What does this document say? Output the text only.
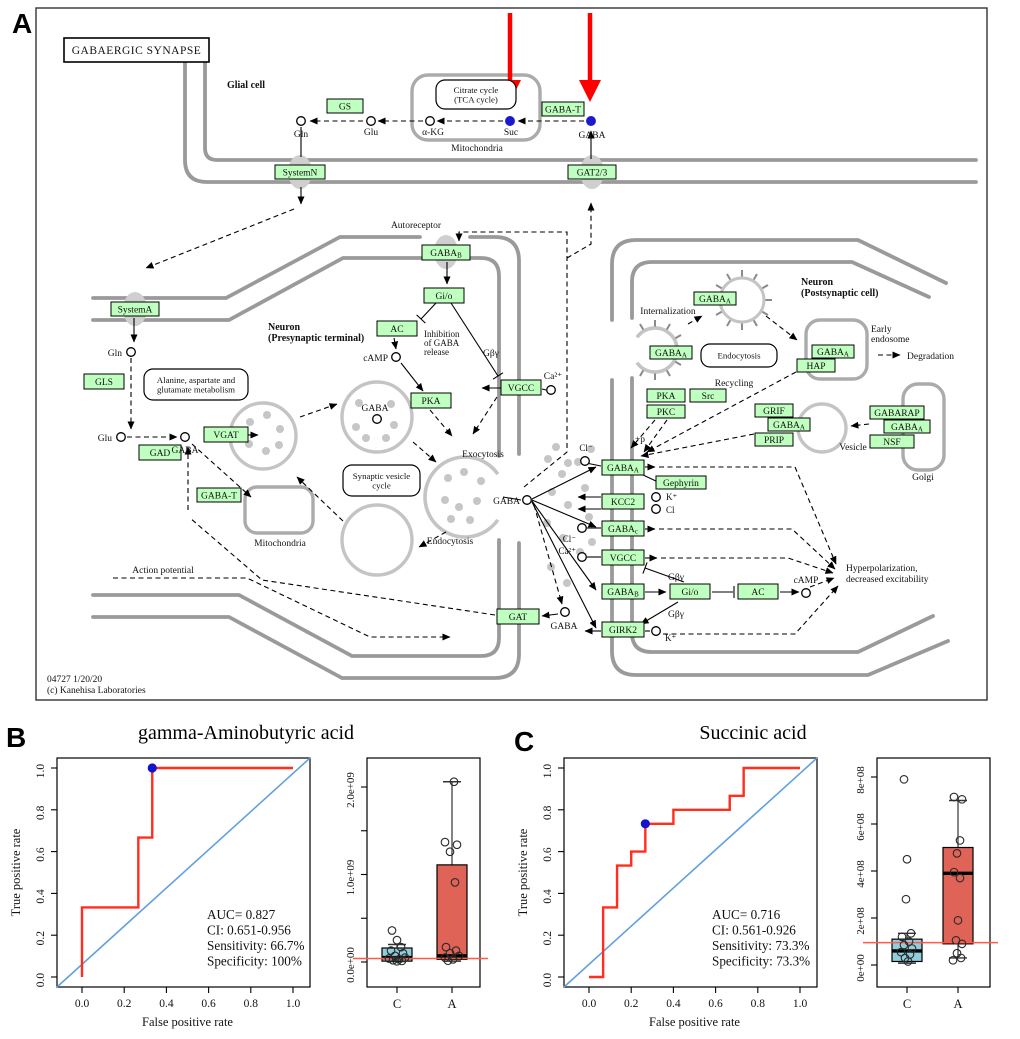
Citrate cycle
(TCA cycle)
Alanine, aspartate and
glutamate metabolism
Synaptic vesicle
cycle
Endocytosis
GS	GABA-T
SystemN	GAT2/3
SystemA
GLS
GAD
VGAT
GABAB
Gi/o
AC
PKA
VGCC
GABA-T
GAT
GABAA
Gephyrin
KCC2
GABAc
VGCC
GABAB
GIRK2
Gi/o	AC
GABAA
GABAA	GABAA
HAP
PKA	Src
PKC	GRIF
GABAA
PRIP
GABARAP
GABAA
NSF
Glial cell
Mitochondria
Autoreceptor
Neuron
(Presynaptic terminal)
cAMP
Inhibition
of GABA
release	Gβγ
Ca²⁺
Exocytosis
Endocytosis
Mitochondria
Action potential
GABA
Neuron
(Postsynaptic cell)
Internalization
Recycling
+p
Early
endosome
Degradation
Vesicle
Golgi
Gβγ
Gβγ
Hyperpolarization,
decreased excitability
K⁺
Cl
Cl⁻
Cl⁻
Ca²⁺
cAMP
K⁺
Gln	Glu	α-KG	Suc	GABA
Gln
Glu
GABA
GABA
GABA
GABAERGIC SYNAPSE
04727 1/20/20
(c) Kanehisa Laboratories
0.0 0.2 0.4 0.6 0.8 1.0
0.0
0.2
0.4
0.6
0.8
1.0
AUC= 0.827
CI: 0.651-0.956
Sensitivity: 66.7%
Specificity: 100%
False positive rate
True positive rate
0.0e+00
1.0e+09
2.0e+09
C	A	0.0 0.2 0.4 0.6 0.8 1.0
0.0
0.2
0.4
0.6
0.8
1.0
AUC= 0.716
CI: 0.561-0.926
Sensitivity: 73.3%
Specificity: 73.3%
False positive rate
True positive rate
0e+00
2e+08
4e+08
6e+08
8e+08
C	A
A
B	C
gamma-Aminobutyric acid	Succinic acid
